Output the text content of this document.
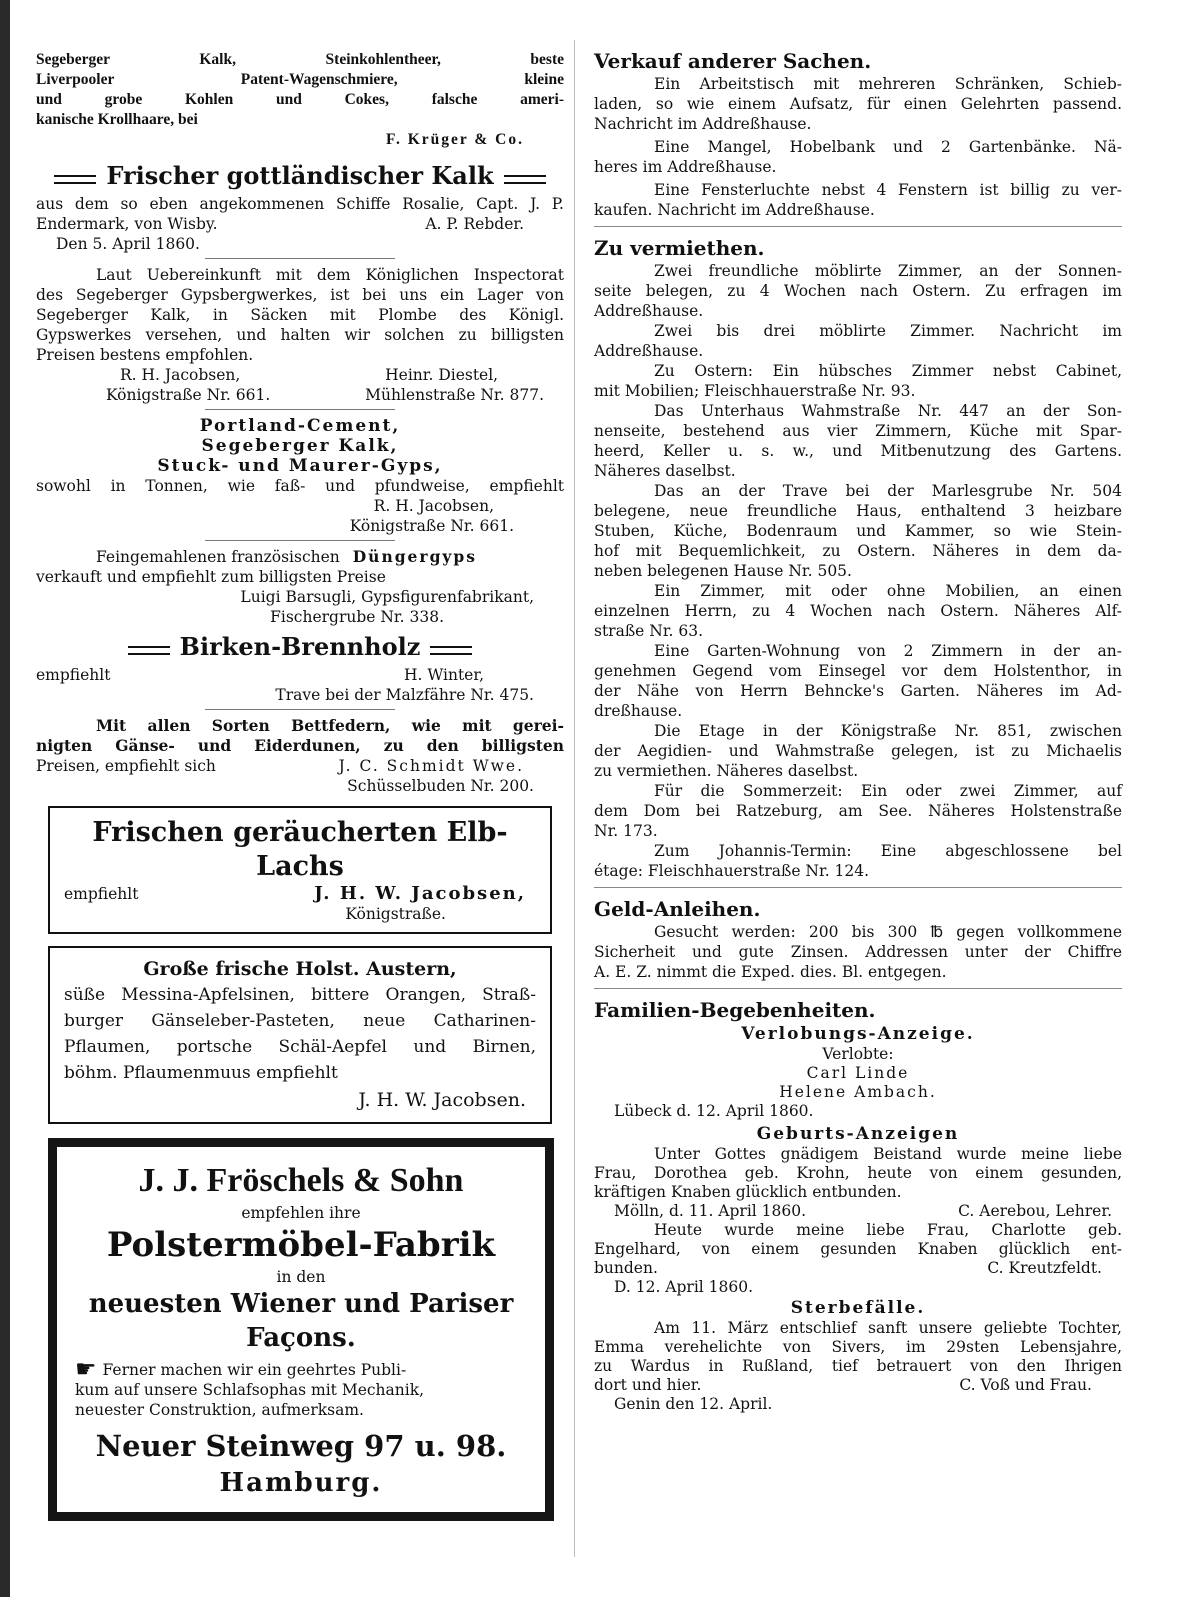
Segeberger Kalk, Steinkohlentheer, beste
Liverpooler Patent-Wagenschmiere, kleine
und grobe Kohlen und Cokes, falsche ameri-
kanische Krollhaare, bei
F. Krüger & Co.
Frischer gottländischer Kalk
aus dem so eben angekommenen Schiffe Rosalie, Capt. J. P.
Endermark, von Wisby.	A. P. Rebder.
Den 5. April 1860.
Laut Uebereinkunft mit dem Königlichen Inspectorat
des Segeberger Gypsbergwerkes, ist bei uns ein Lager von
Segeberger Kalk, in Säcken mit Plombe des Königl.
Gypswerkes versehen, und halten wir solchen zu billigsten
Preisen bestens empfohlen.
R. H. Jacobsen,
Königstraße Nr. 661.
Heinr. Diestel,
Mühlenstraße Nr. 877.
Portland-Cement,
Segeberger Kalk,
Stuck- und Maurer-Gyps,
sowohl in Tonnen, wie faß- und pfundweise, empfiehlt
R. H. Jacobsen,
Königstraße Nr. 661.
Feingemahlenen französischen Düngergyps
verkauft und empfiehlt zum billigsten Preise
Luigi Barsugli, Gypsfigurenfabrikant,
Fischergrube Nr. 338.
Birken-Brennholz
empfiehlt	H. Winter,
Trave bei der Malzfähre Nr. 475.
Mit allen Sorten Bettfedern, wie mit gerei-
nigten Gänse- und Eiderdunen, zu den billigsten
Preisen, empfiehlt sich	J. C. Schmidt Wwe.
Schüsselbuden Nr. 200.
Frischen geräucherten Elb-Lachs
empfiehlt	J. H. W. Jacobsen,
Königstraße.
Große frische Holst. Austern,
süße Messina-Apfelsinen, bittere Orangen, Straß-
burger Gänseleber-Pasteten, neue Catharinen-
Pflaumen, portsche Schäl-Aepfel und Birnen,
böhm. Pflaumenmuus empfiehlt
J. H. W. Jacobsen.
J. J. Fröschels & Sohn
empfehlen ihre
Polstermöbel-Fabrik
in den
neuesten Wiener und Pariser
Façons.
☛ Ferner machen wir ein geehrtes Publi-
kum auf unsere Schlafsophas mit Mechanik,
neuester Construktion, aufmerksam.
Neuer Steinweg 97 u. 98.
Hamburg.
Verkauf anderer Sachen.
Ein Arbeitstisch mit mehreren Schränken, Schieb-
laden, so wie einem Aufsatz, für einen Gelehrten passend.
Nachricht im Addreßhause.
Eine Mangel, Hobelbank und 2 Gartenbänke. Nä-
heres im Addreßhause.
Eine Fensterluchte nebst 4 Fenstern ist billig zu ver-
kaufen. Nachricht im Addreßhause.
Zu vermiethen.
Zwei freundliche möblirte Zimmer, an der Sonnen-
seite belegen, zu 4 Wochen nach Ostern. Zu erfragen im
Addreßhause.
Zwei bis drei möblirte Zimmer. Nachricht im
Addreßhause.
Zu Ostern: Ein hübsches Zimmer nebst Cabinet,
mit Mobilien; Fleischhauerstraße Nr. 93.
Das Unterhaus Wahmstraße Nr. 447 an der Son-
nenseite, bestehend aus vier Zimmern, Küche mit Spar-
heerd, Keller u. s. w., und Mitbenutzung des Gartens.
Näheres daselbst.
Das an der Trave bei der Marlesgrube Nr. 504
belegene, neue freundliche Haus, enthaltend 3 heizbare
Stuben, Küche, Bodenraum und Kammer, so wie Stein-
hof mit Bequemlichkeit, zu Ostern. Näheres in dem da-
neben belegenen Hause Nr. 505.
Ein Zimmer, mit oder ohne Mobilien, an einen
einzelnen Herrn, zu 4 Wochen nach Ostern. Näheres Alf-
straße Nr. 63.
Eine Garten-Wohnung von 2 Zimmern in der an-
genehmen Gegend vom Einsegel vor dem Holstenthor, in
der Nähe von Herrn Behncke's Garten. Näheres im Ad-
dreßhause.
Die Etage in der Königstraße Nr. 851, zwischen
der Aegidien- und Wahmstraße gelegen, ist zu Michaelis
zu vermiethen. Näheres daselbst.
Für die Sommerzeit: Ein oder zwei Zimmer, auf
dem Dom bei Ratzeburg, am See. Näheres Holstenstraße
Nr. 173.
Zum Johannis-Termin: Eine abgeschlossene bel
étage: Fleischhauerstraße Nr. 124.
Geld-Anleihen.
Gesucht werden: 200 bis 300 ℔ gegen vollkommene
Sicherheit und gute Zinsen. Addressen unter der Chiffre
A. E. Z. nimmt die Exped. dies. Bl. entgegen.
Familien-Begebenheiten.
Verlobungs-Anzeige.
Verlobte:
Carl Linde
Helene Ambach.
Lübeck d. 12. April 1860.
Geburts-Anzeigen
Unter Gottes gnädigem Beistand wurde meine liebe
Frau, Dorothea geb. Krohn, heute von einem gesunden,
kräftigen Knaben glücklich entbunden.
Mölln, d. 11. April 1860.	C. Aerebou, Lehrer.
Heute wurde meine liebe Frau, Charlotte geb.
Engelhard, von einem gesunden Knaben glücklich ent-
bunden.	C. Kreutzfeldt.
D. 12. April 1860.
Sterbefälle.
Am 11. März entschlief sanft unsere geliebte Tochter,
Emma verehelichte von Sivers, im 29sten Lebensjahre,
zu Wardus in Rußland, tief betrauert von den Ihrigen
dort und hier.	C. Voß und Frau.
Genin den 12. April.
